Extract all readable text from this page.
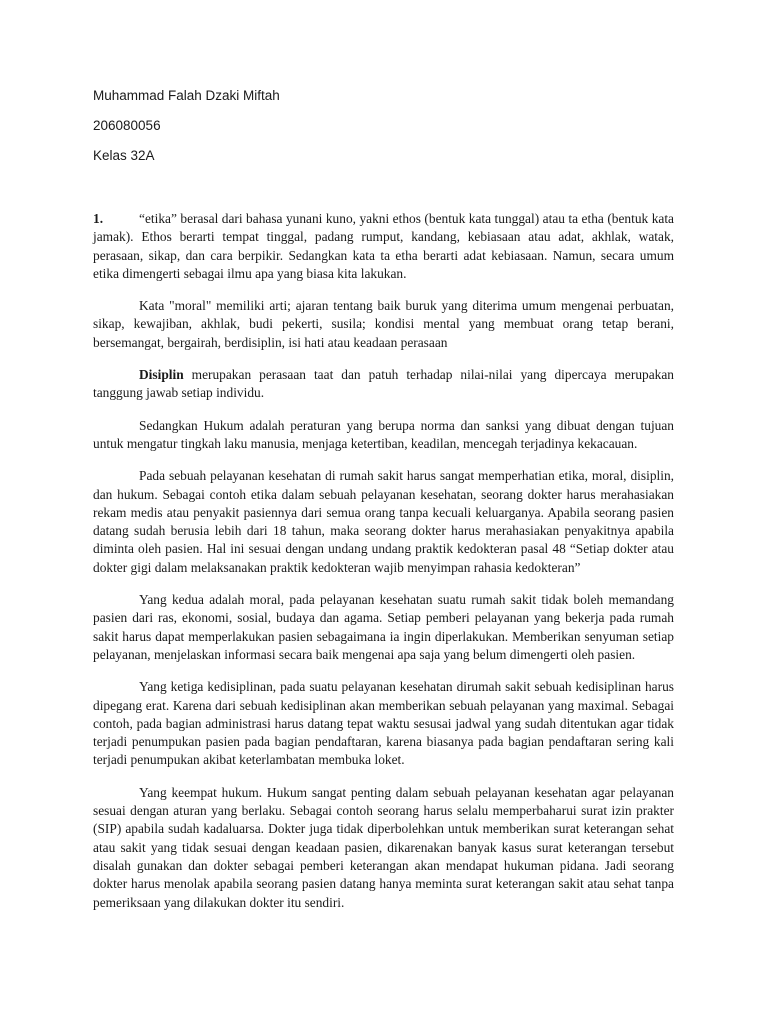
Muhammad Falah Dzaki Miftah
206080056
Kelas 32A

1.	“etika” berasal dari bahasa yunani kuno, yakni ethos (bentuk kata tunggal) atau ta etha (bentuk kata jamak). Ethos berarti tempat tinggal, padang rumput, kandang, kebiasaan atau adat, akhlak, watak, perasaan, sikap, dan cara berpikir. Sedangkan kata ta etha berarti adat kebiasaan. Namun, secara umum etika dimengerti sebagai ilmu apa yang biasa kita lakukan.

Kata "moral" memiliki arti; ajaran tentang baik buruk yang diterima umum mengenai perbuatan, sikap, kewajiban, akhlak, budi pekerti, susila; kondisi mental yang membuat orang tetap berani, bersemangat, bergairah, berdisiplin, isi hati atau keadaan perasaan

Disiplin merupakan perasaan taat dan patuh terhadap nilai-nilai yang dipercaya merupakan tanggung jawab setiap individu.

Sedangkan Hukum adalah peraturan yang berupa norma dan sanksi yang dibuat dengan tujuan untuk mengatur tingkah laku manusia, menjaga ketertiban, keadilan, mencegah terjadinya kekacauan.

Pada sebuah pelayanan kesehatan di rumah sakit harus sangat memperhatian etika, moral, disiplin, dan hukum. Sebagai contoh etika dalam sebuah pelayanan kesehatan, seorang dokter harus merahasiakan rekam medis atau penyakit pasiennya dari semua orang tanpa kecuali keluarganya. Apabila seorang pasien datang sudah berusia lebih dari 18 tahun, maka seorang dokter harus merahasiakan penyakitnya apabila diminta oleh pasien. Hal ini sesuai dengan undang undang praktik kedokteran pasal 48 “Setiap dokter atau dokter gigi dalam melaksanakan praktik kedokteran wajib menyimpan rahasia kedokteran”

Yang kedua adalah moral, pada pelayanan kesehatan suatu rumah sakit tidak boleh memandang pasien dari ras, ekonomi, sosial, budaya dan agama. Setiap pemberi pelayanan yang bekerja pada rumah sakit harus dapat memperlakukan pasien sebagaimana ia ingin diperlakukan. Memberikan senyuman setiap pelayanan, menjelaskan informasi secara baik mengenai apa saja yang belum dimengerti oleh pasien.

Yang ketiga kedisiplinan, pada suatu pelayanan kesehatan dirumah sakit sebuah kedisiplinan harus dipegang erat. Karena dari sebuah kedisiplinan akan memberikan sebuah pelayanan yang maximal. Sebagai contoh, pada bagian administrasi harus datang tepat waktu sesusai jadwal yang sudah ditentukan agar tidak terjadi penumpukan pasien pada bagian pendaftaran, karena biasanya pada bagian pendaftaran sering kali terjadi penumpukan akibat keterlambatan membuka loket.

Yang keempat hukum. Hukum sangat penting dalam sebuah pelayanan kesehatan agar pelayanan sesuai dengan aturan yang berlaku. Sebagai contoh seorang harus selalu memperbaharui surat izin prakter (SIP) apabila sudah kadaluarsa. Dokter juga tidak diperbolehkan untuk memberikan surat keterangan sehat atau sakit yang tidak sesuai dengan keadaan pasien, dikarenakan banyak kasus surat keterangan tersebut disalah gunakan dan dokter sebagai pemberi keterangan akan mendapat hukuman pidana. Jadi seorang dokter harus menolak apabila seorang pasien datang hanya meminta surat keterangan sakit atau sehat tanpa pemeriksaan yang dilakukan dokter itu sendiri.
